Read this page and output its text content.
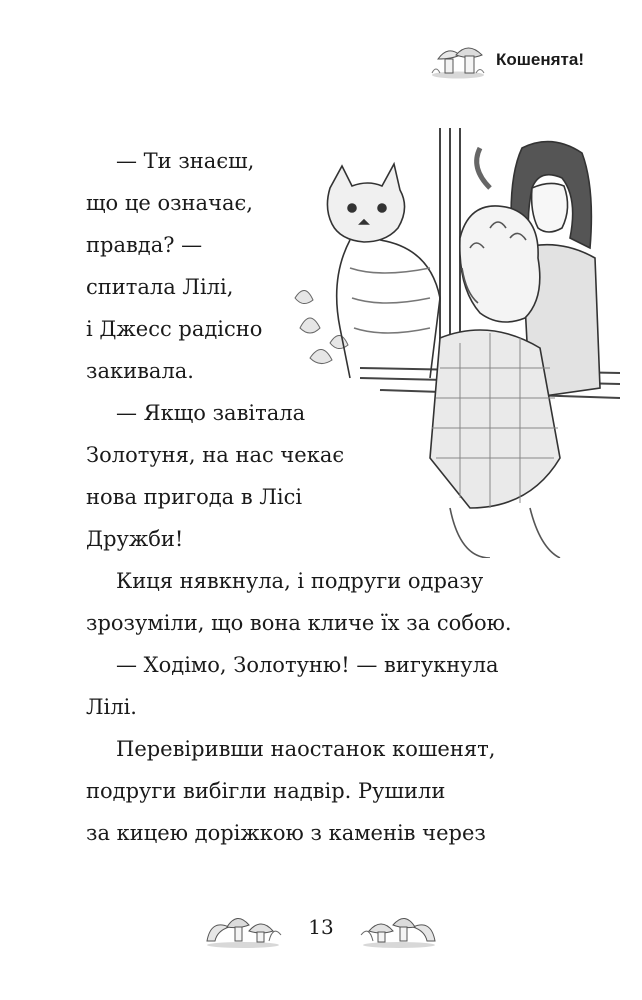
Кошенята!
— Ти знаєш,
що це означає,
правда? —
спитала Лілі,
і Джесс радісно
закивала.
— Якщо завітала
Золотуня, на нас чекає
нова пригода в Лісі
Дружби!
Киця нявкнула, і подруги одразу
зрозуміли, що вона кличе їх за собою.
— Ходімо, Золотуню! — вигукнула
Лілі.
Перевіривши наостанок кошенят,
подруги вибігли надвір. Рушили
за кицею доріжкою з каменів через
13
